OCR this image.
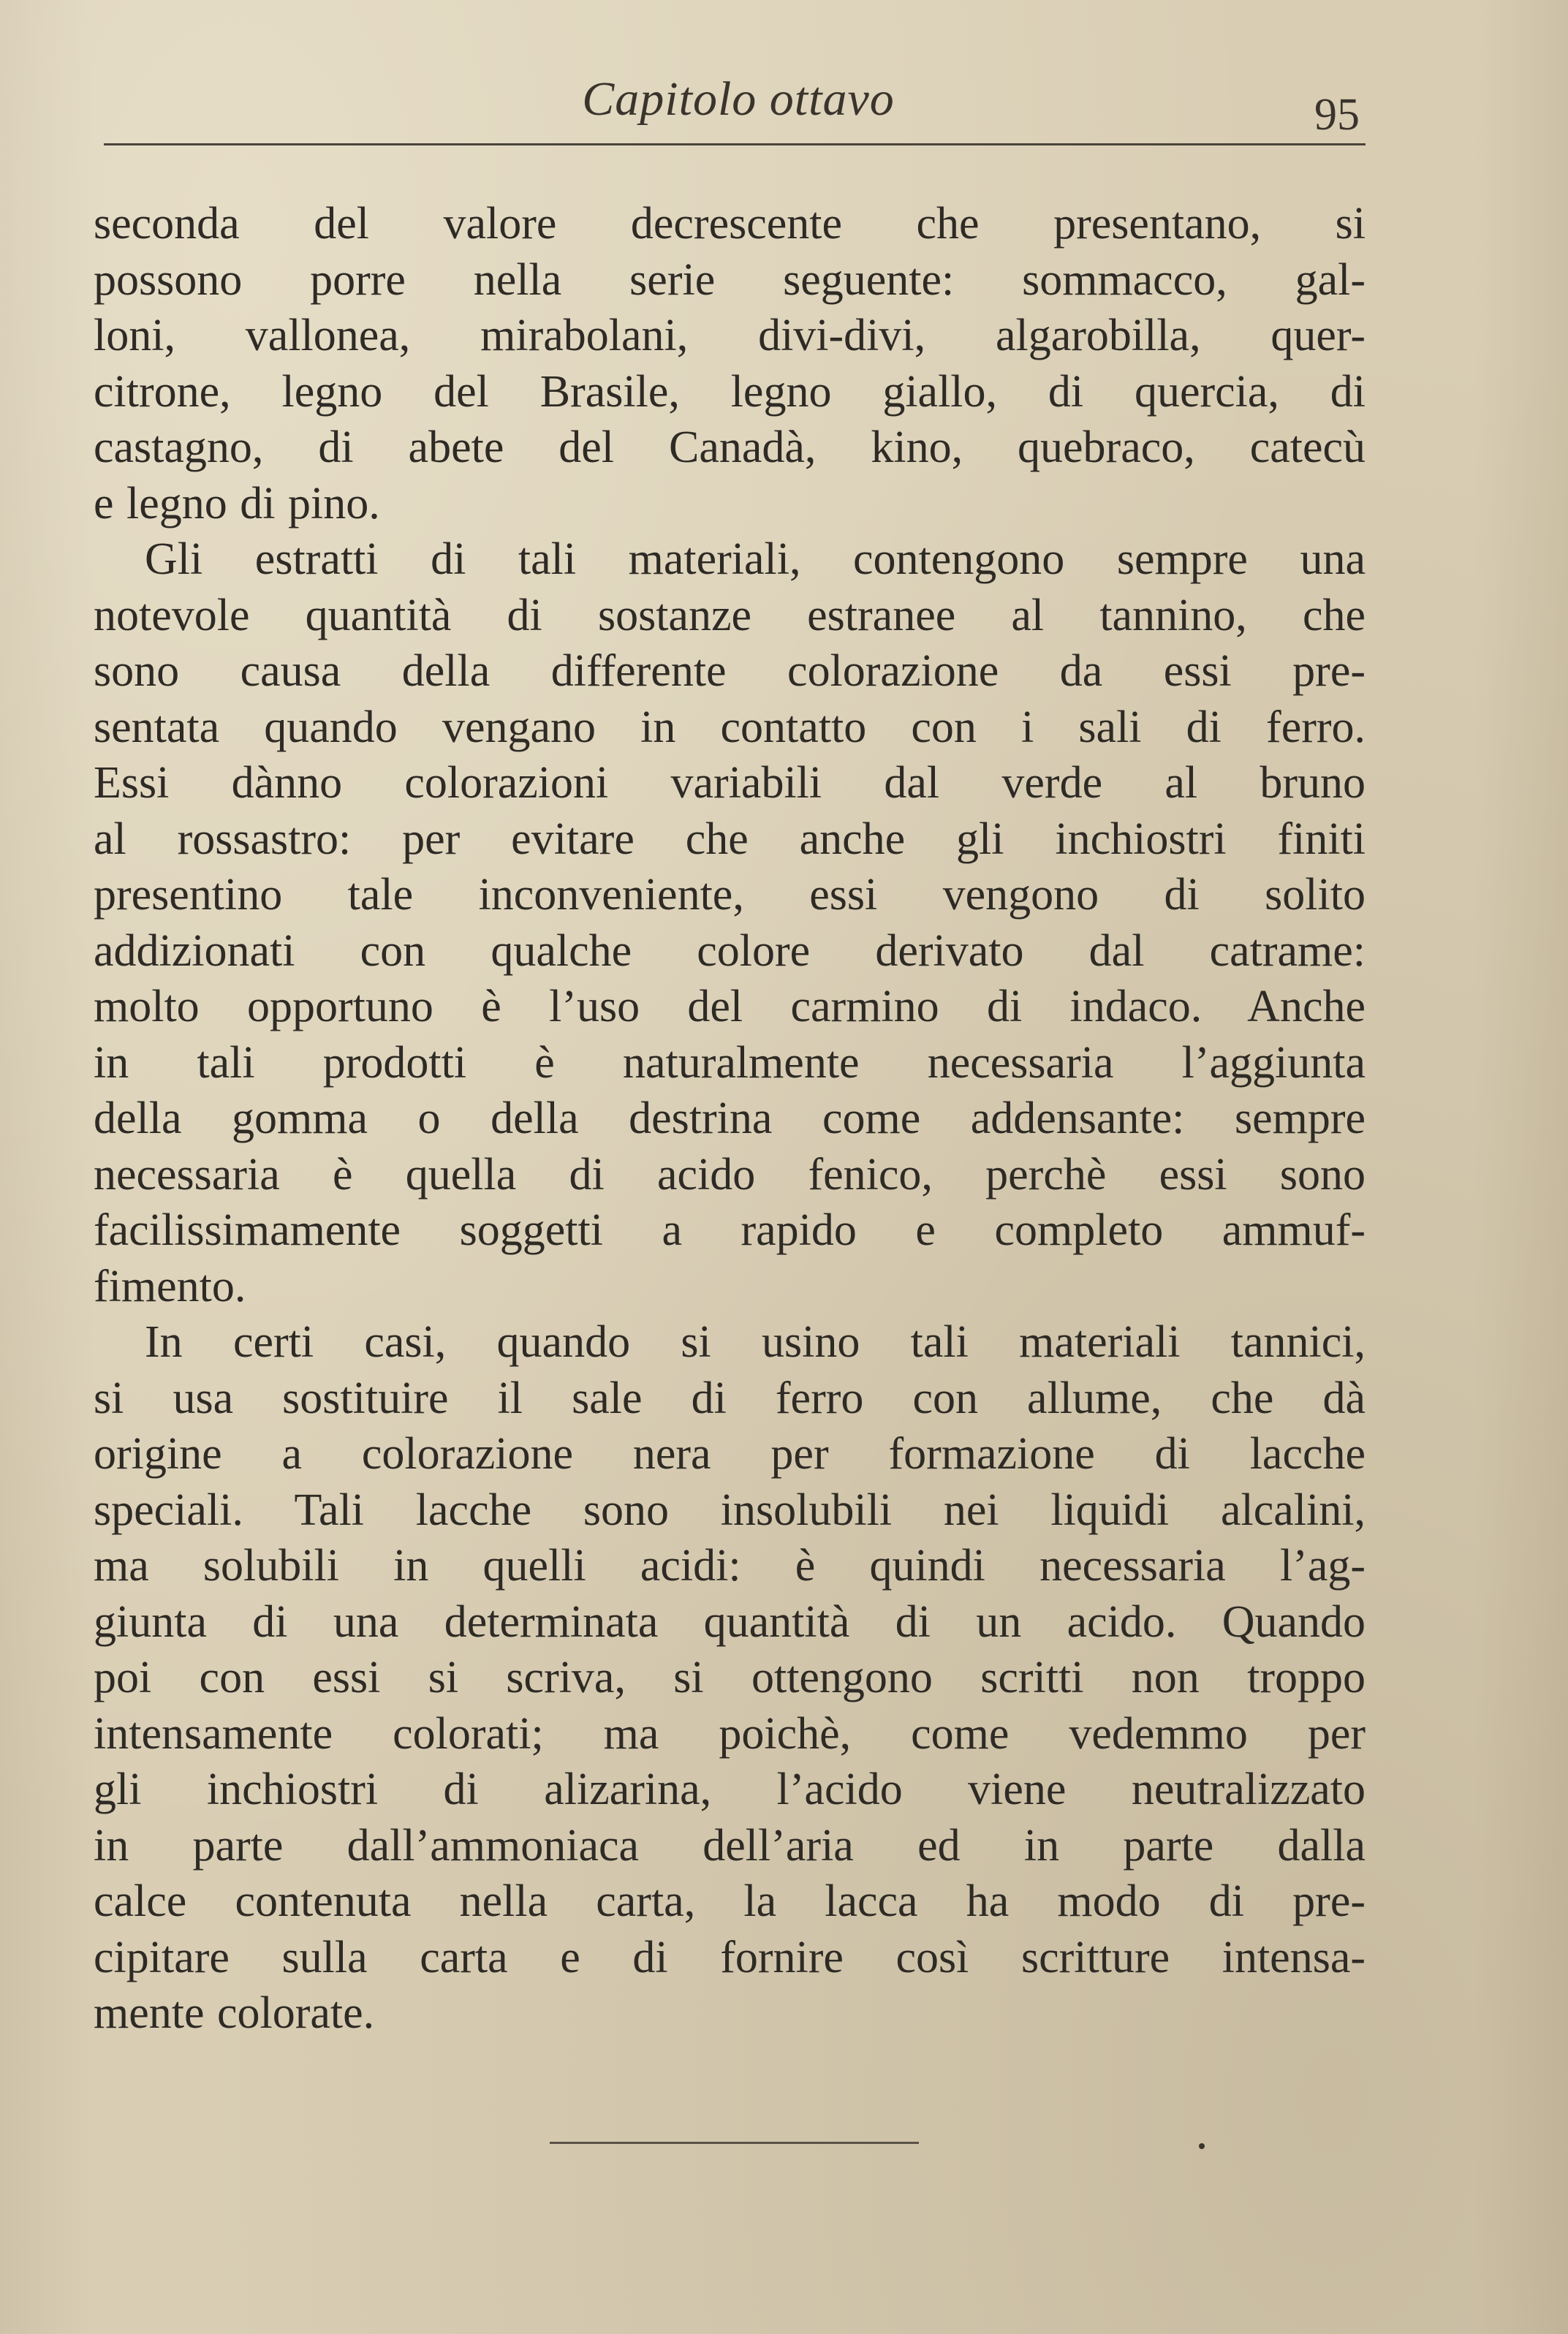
Capitolo ottavo	95
seconda del valore decrescente che presentano, si
possono porre nella serie seguente: sommacco, gal-
loni, vallonea, mirabolani, divi-divi, algarobilla, quer-
citrone, legno del Brasile, legno giallo, di quercia, di
castagno, di abete del Canadà, kino, quebraco, catecù
e legno di pino.
Gli estratti di tali materiali, contengono sempre una
notevole quantità di sostanze estranee al tannino, che
sono causa della differente colorazione da essi pre-
sentata quando vengano in contatto con i sali di ferro.
Essi dànno colorazioni variabili dal verde al bruno
al rossastro: per evitare che anche gli inchiostri finiti
presentino tale inconveniente, essi vengono di solito
addizionati con qualche colore derivato dal catrame:
molto opportuno è l’uso del carmino di indaco. Anche
in tali prodotti è naturalmente necessaria l’aggiunta
della gomma o della destrina come addensante: sempre
necessaria è quella di acido fenico, perchè essi sono
facilissimamente soggetti a rapido e completo ammuf-
fimento.
In certi casi, quando si usino tali materiali tannici,
si usa sostituire il sale di ferro con allume, che dà
origine a colorazione nera per formazione di lacche
speciali. Tali lacche sono insolubili nei liquidi alcalini,
ma solubili in quelli acidi: è quindi necessaria l’ag-
giunta di una determinata quantità di un acido. Quando
poi con essi si scriva, si ottengono scritti non troppo
intensamente colorati; ma poichè, come vedemmo per
gli inchiostri di alizarina, l’acido viene neutralizzato
in parte dall’ammoniaca dell’aria ed in parte dalla
calce contenuta nella carta, la lacca ha modo di pre-
cipitare sulla carta e di fornire così scritture intensa-
mente colorate.
